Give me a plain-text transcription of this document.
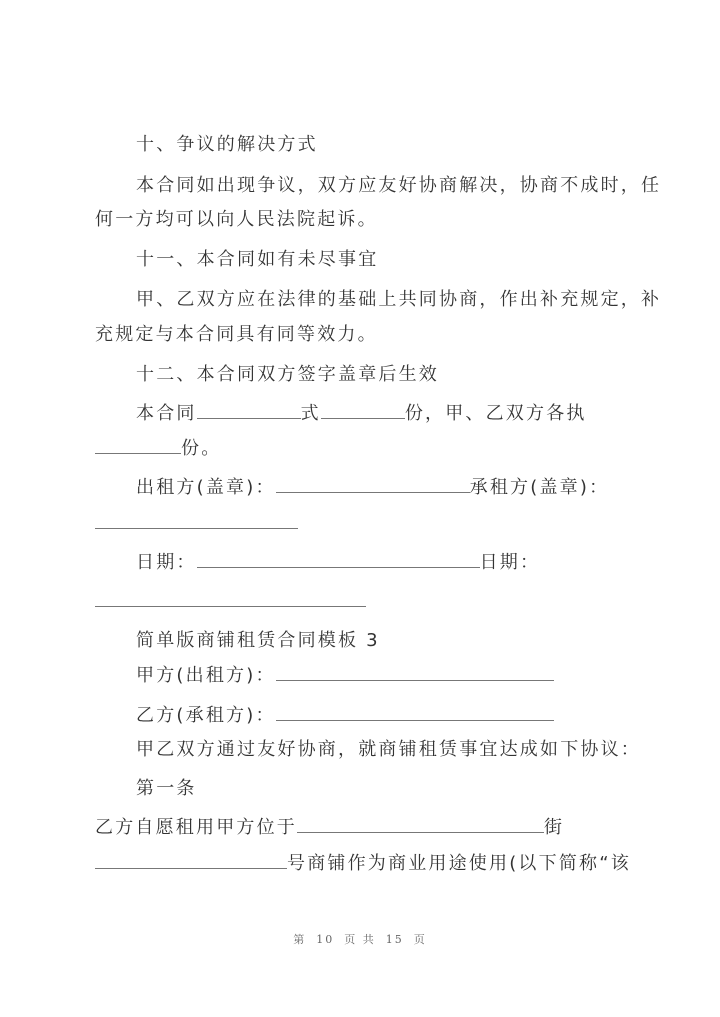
十、争议的解决方式
本合同如出现争议，双方应友好协商解决，协商不成时，任
何一方均可以向人民法院起诉。
十一、本合同如有未尽事宜
甲、乙双方应在法律的基础上共同协商，作出补充规定，补
充规定与本合同具有同等效力。
十二、本合同双方签字盖章后生效
本合同	式	份，甲、乙双方各执
份。
出租方(盖章)：	承租方(盖章)：
日期：	日期：
简单版商铺租赁合同模板 3
甲方(出租方)：
乙方(承租方)：
甲乙双方通过友好协商，就商铺租赁事宜达成如下协议：
第一条
乙方自愿租用甲方位于	街
号商铺作为商业用途使用(以下简称“该
第 10 页 共 15 页
